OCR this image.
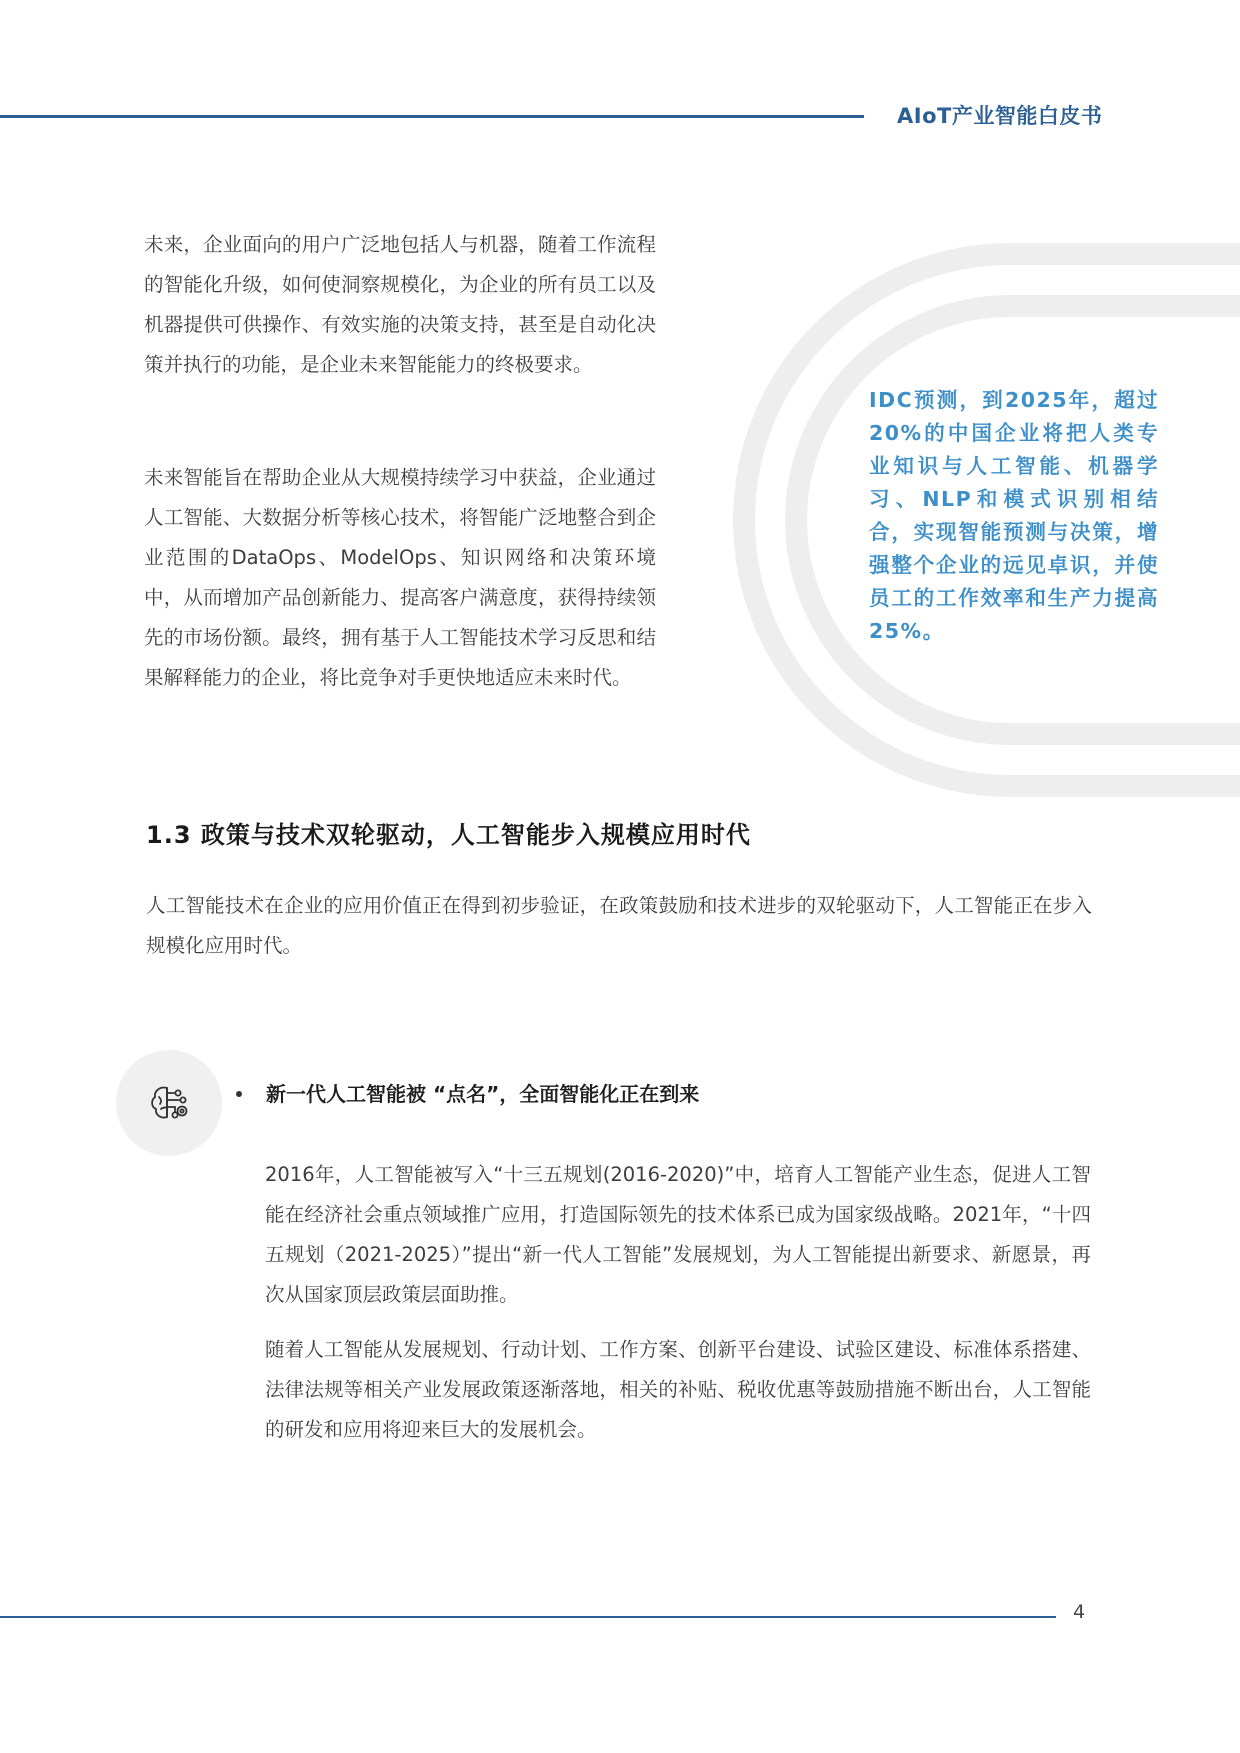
AIoT产业智能白皮书

未来，企业面向的用户广泛地包括人与机器，随着工作流程的智能化升级，如何使洞察规模化，为企业的所有员工以及机器提供可供操作、有效实施的决策支持，甚至是自动化决策并执行的功能，是企业未来智能能力的终极要求。

未来智能旨在帮助企业从大规模持续学习中获益，企业通过人工智能、大数据分析等核心技术，将智能广泛地整合到企业范围的DataOps、ModelOps、知识网络和决策环境中，从而增加产品创新能力、提高客户满意度，获得持续领先的市场份额。最终，拥有基于人工智能技术学习反思和结果解释能力的企业，将比竞争对手更快地适应未来时代。

IDC预测，到2025年，超过20%的中国企业将把人类专业知识与人工智能、机器学习、NLP和模式识别相结合，实现智能预测与决策，增强整个企业的远见卓识，并使员工的工作效率和生产力提高25%。

1.3 政策与技术双轮驱动，人工智能步入规模应用时代

人工智能技术在企业的应用价值正在得到初步验证，在政策鼓励和技术进步的双轮驱动下，人工智能正在步入规模化应用时代。

新一代人工智能被 “点名”，全面智能化正在到来

2016年，人工智能被写入“十三五规划(2016-2020)”中，培育人工智能产业生态，促进人工智能在经济社会重点领域推广应用，打造国际领先的技术体系已成为国家级战略。2021年，“十四五规划（2021-2025）”提出“新一代人工智能”发展规划，为人工智能提出新要求、新愿景，再次从国家顶层政策层面助推。

随着人工智能从发展规划、行动计划、工作方案、创新平台建设、试验区建设、标准体系搭建、法律法规等相关产业发展政策逐渐落地，相关的补贴、税收优惠等鼓励措施不断出台，人工智能的研发和应用将迎来巨大的发展机会。

4
